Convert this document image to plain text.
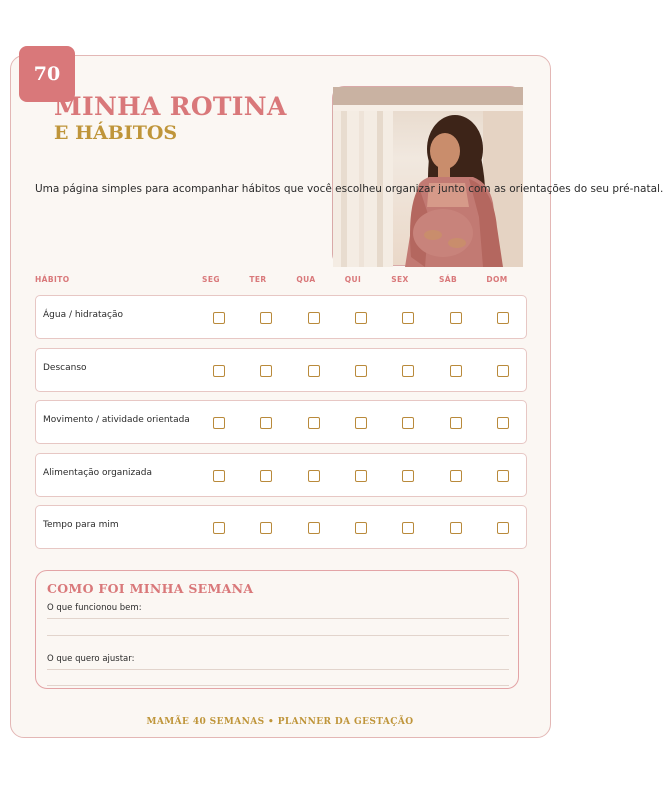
70
MINHA ROTINA
E HÁBITOS
Uma página simples para acompanhar hábitos que você escolheu organizar junto com as orientações do seu pré-natal.
HÁBITO	SEG	TER	QUA	QUI	SEX	SÁB	DOM
Água / hidratação
Descanso
Movimento / atividade orientada
Alimentação organizada
Tempo para mim
COMO FOI MINHA SEMANA
O que funcionou bem:
O que quero ajustar:
MAMÃE 40 SEMANAS • PLANNER DA GESTAÇÃO
